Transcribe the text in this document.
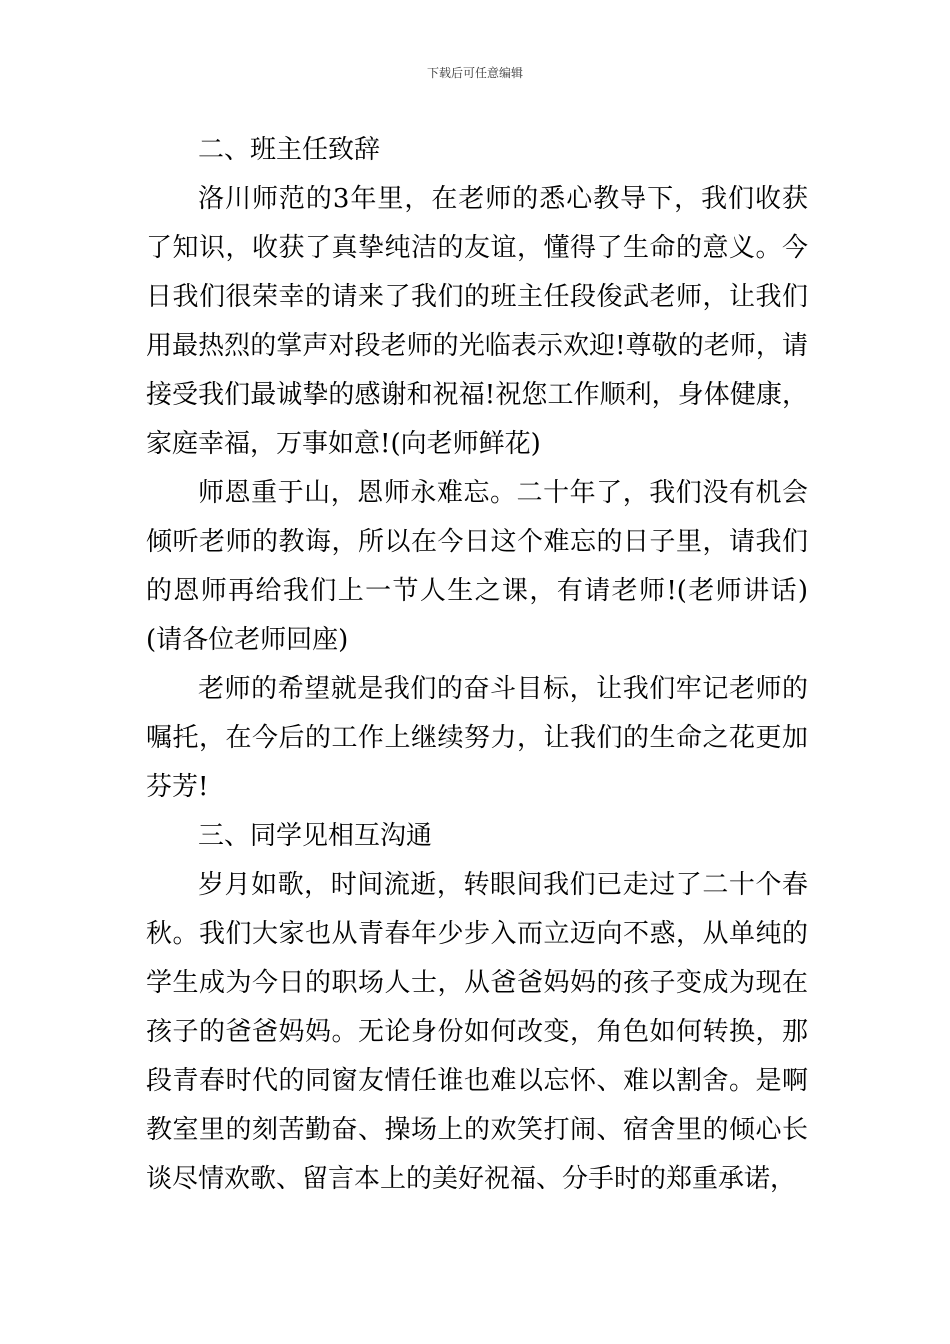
下载后可任意编辑

二、班主任致辞

洛川师范的3年里，在老师的悉心教导下，我们收获了知识，收获了真挚纯洁的友谊，懂得了生命的意义。今日我们很荣幸的请来了我们的班主任段俊武老师，让我们用最热烈的掌声对段老师的光临表示欢迎!尊敬的老师，请接受我们最诚挚的感谢和祝福!祝您工作顺利，身体健康，家庭幸福，万事如意!(向老师鲜花)

师恩重于山，恩师永难忘。二十年了，我们没有机会倾听老师的教诲，所以在今日这个难忘的日子里，请我们的恩师再给我们上一节人生之课，有请老师!(老师讲话)(请各位老师回座)

老师的希望就是我们的奋斗目标，让我们牢记老师的嘱托，在今后的工作上继续努力，让我们的生命之花更加芬芳!

三、同学见相互沟通

岁月如歌，时间流逝，转眼间我们已走过了二十个春秋。我们大家也从青春年少步入而立迈向不惑，从单纯的学生成为今日的职场人士，从爸爸妈妈的孩子变成为现在孩子的爸爸妈妈。无论身份如何改变，角色如何转换，那段青春时代的同窗友情任谁也难以忘怀、难以割舍。是啊教室里的刻苦勤奋、操场上的欢笑打闹、宿舍里的倾心长谈尽情欢歌、留言本上的美好祝福、分手时的郑重承诺，
